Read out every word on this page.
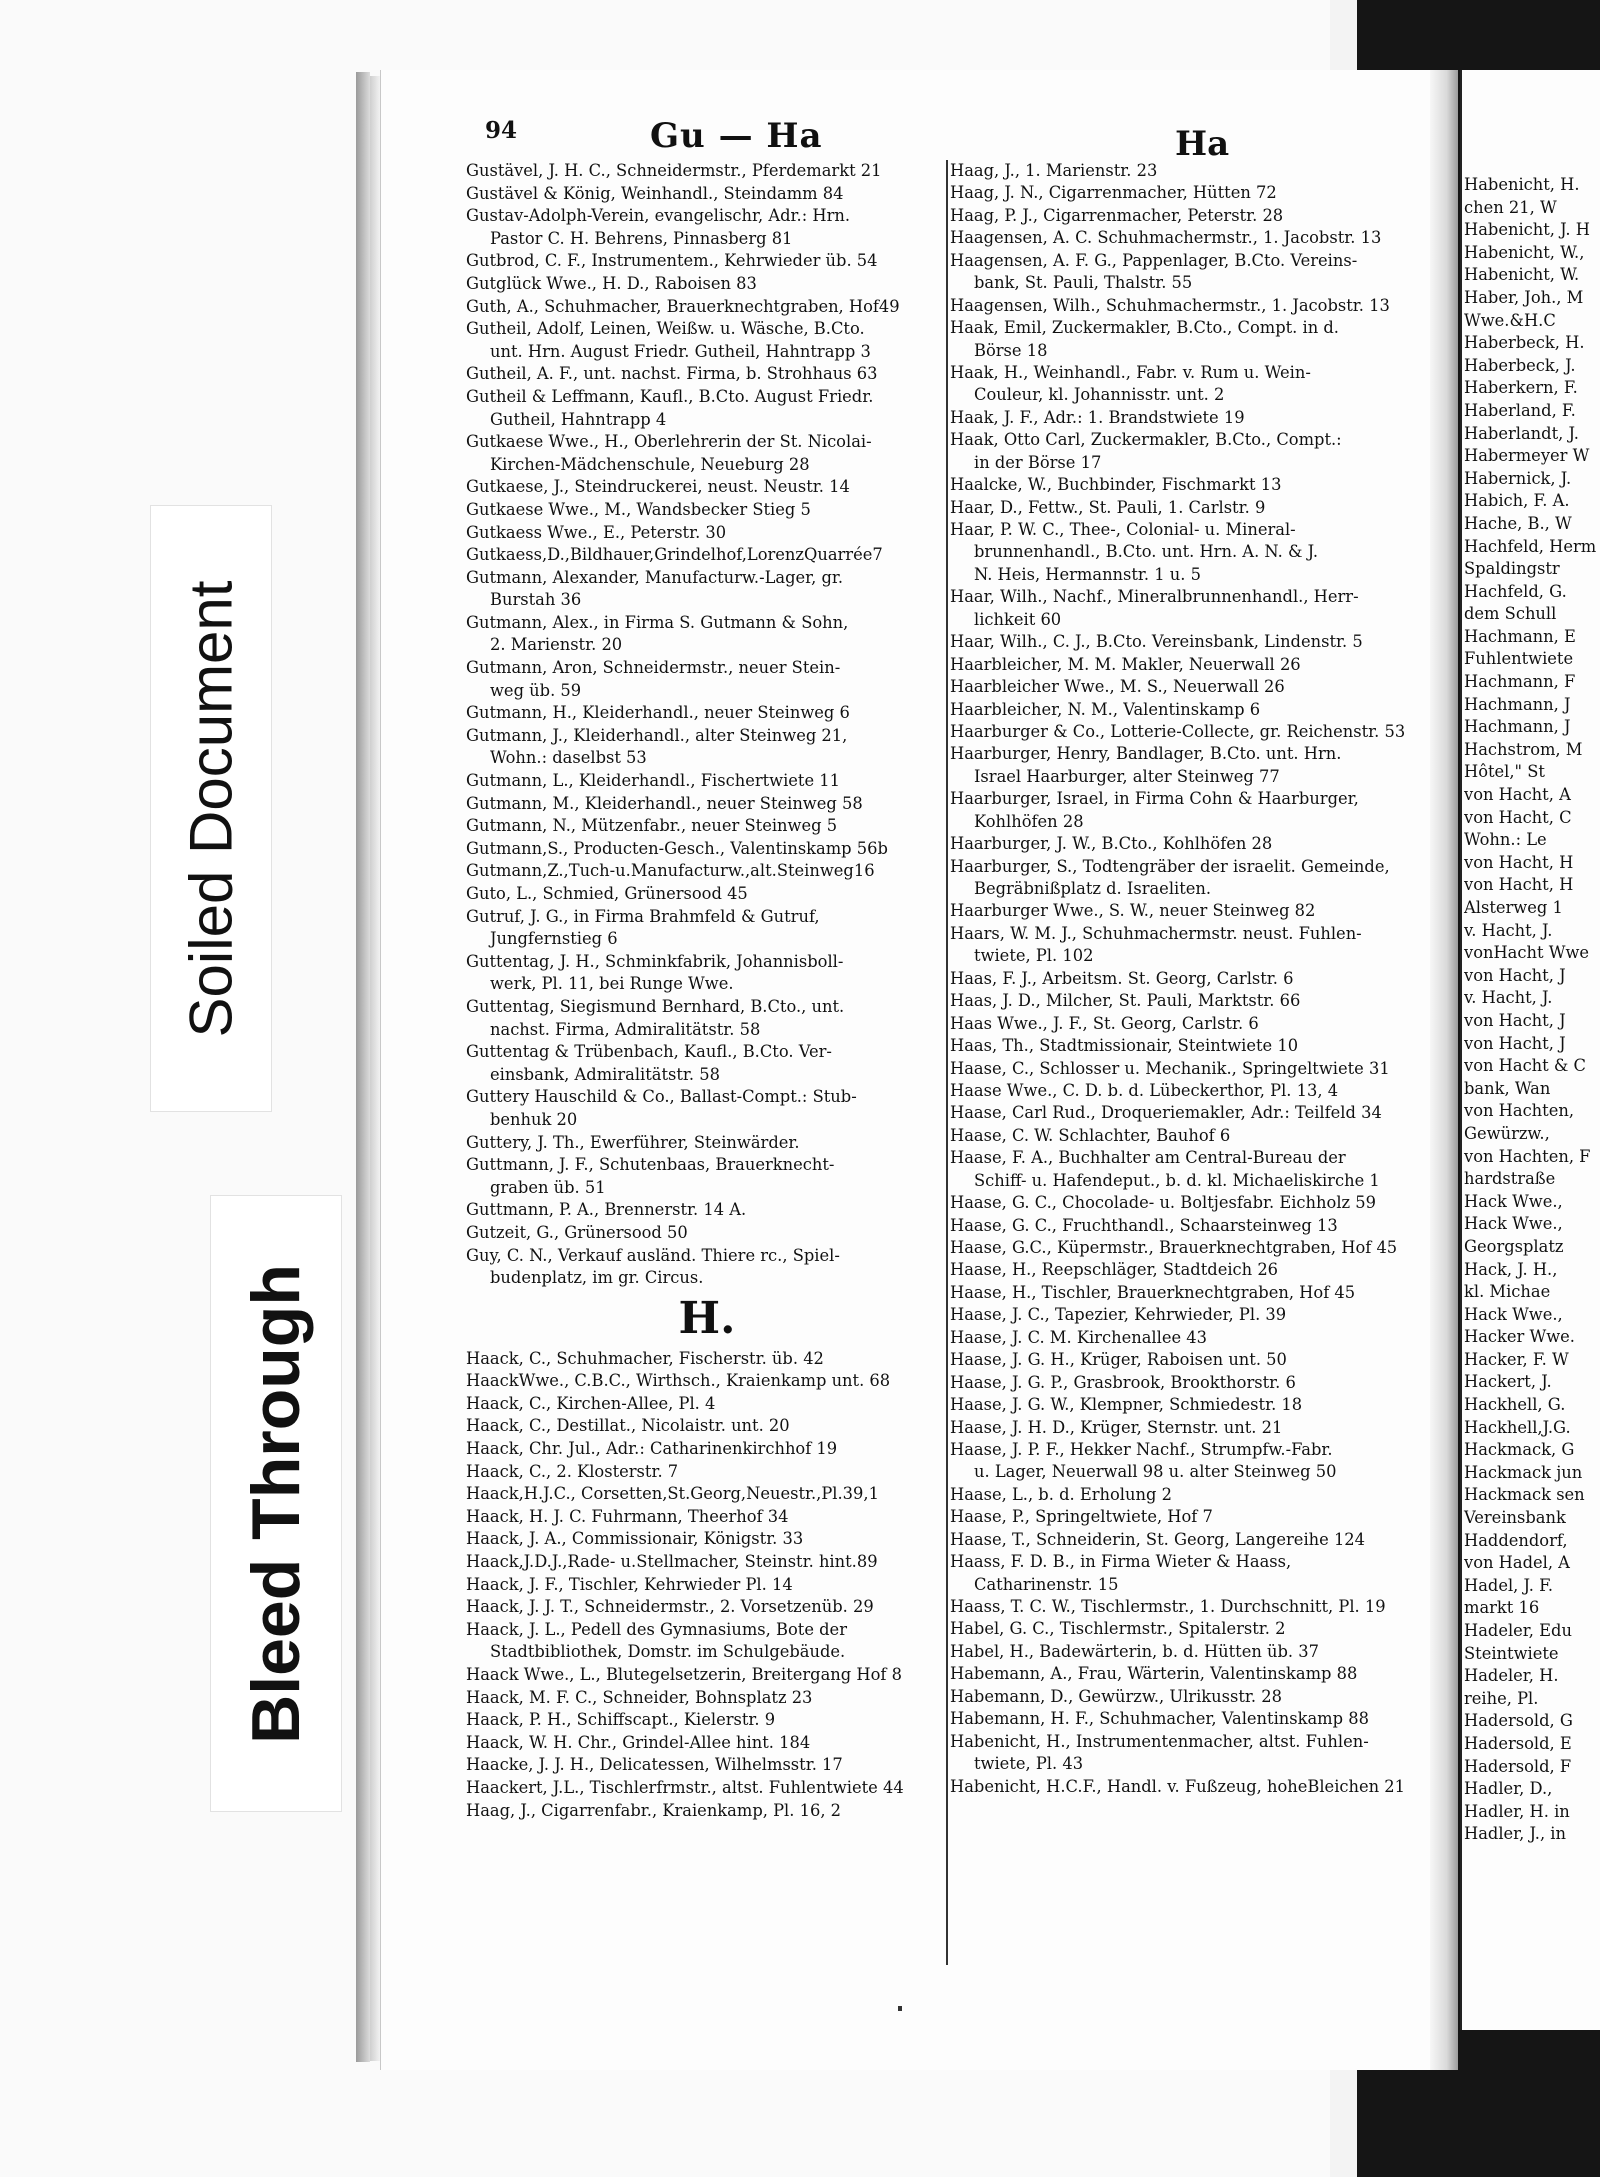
Soiled Document
Bleed Through
Habenicht, H.
chen 21, W
Habenicht, J. H
Habenicht, W.,
Habenicht, W.
Haber, Joh., M
Wwe.&H.C
Haberbeck, H.
Haberbeck, J.
Haberkern, F.
Haberland, F.
Haberlandt, J.
Habermeyer W
Habernick, J.
Habich, F. A.
Hache, B., W
Hachfeld, Herm
Spaldingstr
Hachfeld, G.
dem Schull
Hachmann, E
Fuhlentwiete
Hachmann, F
Hachmann, J
Hachmann, J
Hachstrom, M
Hôtel," St
von Hacht, A
von Hacht, C
Wohn.: Le
von Hacht, H
von Hacht, H
Alsterweg 1
v. Hacht, J.
vonHacht Wwe
von Hacht, J
v. Hacht, J.
von Hacht, J
von Hacht, J
von Hacht & C
bank, Wan
von Hachten,
Gewürzw.,
von Hachten, F
hardstraße
Hack Wwe.,
Hack Wwe.,
Georgsplatz
Hack, J. H.,
kl. Michae
Hack Wwe.,
Hacker Wwe.
Hacker, F. W
Hackert, J.
Hackhell, G.
Hackhell,J.G.
Hackmack, G
Hackmack jun
Hackmack sen
Vereinsbank
Haddendorf,
von Hadel, A
Hadel, J. F.
markt 16
Hadeler, Edu
Steintwiete
Hadeler, H.
reihe, Pl.
Hadersold, G
Hadersold, E
Hadersold, F
Hadler, D.,
Hadler, H. in
Hadler, J., in
94	Gu — Ha	Ha
Gustävel, J. H. C., Schneidermstr., Pferdemarkt 21
Gustävel & König, Weinhandl., Steindamm 84
Gustav-Adolph-Verein, evangelischr, Adr.: Hrn.
Pastor C. H. Behrens, Pinnasberg 81
Gutbrod, C. F., Instrumentem., Kehrwieder üb. 54
Gutglück Wwe., H. D., Raboisen 83
Guth, A., Schuhmacher, Brauerknechtgraben, Hof49
Gutheil, Adolf, Leinen, Weißw. u. Wäsche, B.Cto.
unt. Hrn. August Friedr. Gutheil, Hahntrapp 3
Gutheil, A. F., unt. nachst. Firma, b. Strohhaus 63
Gutheil & Leffmann, Kaufl., B.Cto. August Friedr.
Gutheil, Hahntrapp 4
Gutkaese Wwe., H., Oberlehrerin der St. Nicolai-
Kirchen-Mädchenschule, Neueburg 28
Gutkaese, J., Steindruckerei, neust. Neustr. 14
Gutkaese Wwe., M., Wandsbecker Stieg 5
Gutkaess Wwe., E., Peterstr. 30
Gutkaess,D.,Bildhauer,Grindelhof,LorenzQuarrée7
Gutmann, Alexander, Manufacturw.-Lager, gr.
Burstah 36
Gutmann, Alex., in Firma S. Gutmann & Sohn,
2. Marienstr. 20
Gutmann, Aron, Schneidermstr., neuer Stein-
weg üb. 59
Gutmann, H., Kleiderhandl., neuer Steinweg 6
Gutmann, J., Kleiderhandl., alter Steinweg 21,
Wohn.: daselbst 53
Gutmann, L., Kleiderhandl., Fischertwiete 11
Gutmann, M., Kleiderhandl., neuer Steinweg 58
Gutmann, N., Mützenfabr., neuer Steinweg 5
Gutmann,S., Producten-Gesch., Valentinskamp 56b
Gutmann,Z.,Tuch-u.Manufacturw.,alt.Steinweg16
Guto, L., Schmied, Grünersood 45
Gutruf, J. G., in Firma Brahmfeld & Gutruf,
Jungfernstieg 6
Guttentag, J. H., Schminkfabrik, Johannisboll-
werk, Pl. 11, bei Runge Wwe.
Guttentag, Siegismund Bernhard, B.Cto., unt.
nachst. Firma, Admiralitätstr. 58
Guttentag & Trübenbach, Kaufl., B.Cto. Ver-
einsbank, Admiralitätstr. 58
Guttery Hauschild & Co., Ballast-Compt.: Stub-
benhuk 20
Guttery, J. Th., Ewerführer, Steinwärder.
Guttmann, J. F., Schutenbaas, Brauerknecht-
graben üb. 51
Guttmann, P. A., Brennerstr. 14 A.
Gutzeit, G., Grünersood 50
Guy, C. N., Verkauf ausländ. Thiere rc., Spiel-
budenplatz, im gr. Circus.
H.
Haack, C., Schuhmacher, Fischerstr. üb. 42
HaackWwe., C.B.C., Wirthsch., Kraienkamp unt. 68
Haack, C., Kirchen-Allee, Pl. 4
Haack, C., Destillat., Nicolaistr. unt. 20
Haack, Chr. Jul., Adr.: Catharinenkirchhof 19
Haack, C., 2. Klosterstr. 7
Haack,H.J.C., Corsetten,St.Georg,Neuestr.,Pl.39,1
Haack, H. J. C. Fuhrmann, Theerhof 34
Haack, J. A., Commissionair, Königstr. 33
Haack,J.D.J.,Rade- u.Stellmacher, Steinstr. hint.89
Haack, J. F., Tischler, Kehrwieder Pl. 14
Haack, J. J. T., Schneidermstr., 2. Vorsetzenüb. 29
Haack, J. L., Pedell des Gymnasiums, Bote der
Stadtbibliothek, Domstr. im Schulgebäude.
Haack Wwe., L., Blutegelsetzerin, Breitergang Hof 8
Haack, M. F. C., Schneider, Bohnsplatz 23
Haack, P. H., Schiffscapt., Kielerstr. 9
Haack, W. H. Chr., Grindel-Allee hint. 184
Haacke, J. J. H., Delicatessen, Wilhelmsstr. 17
Haackert, J.L., Tischlerfrmstr., altst. Fuhlentwiete 44
Haag, J., Cigarrenfabr., Kraienkamp, Pl. 16, 2
Haag, J., 1. Marienstr. 23
Haag, J. N., Cigarrenmacher, Hütten 72
Haag, P. J., Cigarrenmacher, Peterstr. 28
Haagensen, A. C. Schuhmachermstr., 1. Jacobstr. 13
Haagensen, A. F. G., Pappenlager, B.Cto. Vereins-
bank, St. Pauli, Thalstr. 55
Haagensen, Wilh., Schuhmachermstr., 1. Jacobstr. 13
Haak, Emil, Zuckermakler, B.Cto., Compt. in d.
Börse 18
Haak, H., Weinhandl., Fabr. v. Rum u. Wein-
Couleur, kl. Johannisstr. unt. 2
Haak, J. F., Adr.: 1. Brandstwiete 19
Haak, Otto Carl, Zuckermakler, B.Cto., Compt.:
in der Börse 17
Haalcke, W., Buchbinder, Fischmarkt 13
Haar, D., Fettw., St. Pauli, 1. Carlstr. 9
Haar, P. W. C., Thee-, Colonial- u. Mineral-
brunnenhandl., B.Cto. unt. Hrn. A. N. & J.
N. Heis, Hermannstr. 1 u. 5
Haar, Wilh., Nachf., Mineralbrunnenhandl., Herr-
lichkeit 60
Haar, Wilh., C. J., B.Cto. Vereinsbank, Lindenstr. 5
Haarbleicher, M. M. Makler, Neuerwall 26
Haarbleicher Wwe., M. S., Neuerwall 26
Haarbleicher, N. M., Valentinskamp 6
Haarburger & Co., Lotterie-Collecte, gr. Reichenstr. 53
Haarburger, Henry, Bandlager, B.Cto. unt. Hrn.
Israel Haarburger, alter Steinweg 77
Haarburger, Israel, in Firma Cohn & Haarburger,
Kohlhöfen 28
Haarburger, J. W., B.Cto., Kohlhöfen 28
Haarburger, S., Todtengräber der israelit. Gemeinde,
Begräbnißplatz d. Israeliten.
Haarburger Wwe., S. W., neuer Steinweg 82
Haars, W. M. J., Schuhmachermstr. neust. Fuhlen-
twiete, Pl. 102
Haas, F. J., Arbeitsm. St. Georg, Carlstr. 6
Haas, J. D., Milcher, St. Pauli, Marktstr. 66
Haas Wwe., J. F., St. Georg, Carlstr. 6
Haas, Th., Stadtmissionair, Steintwiete 10
Haase, C., Schlosser u. Mechanik., Springeltwiete 31
Haase Wwe., C. D. b. d. Lübeckerthor, Pl. 13, 4
Haase, Carl Rud., Droqueriemakler, Adr.: Teilfeld 34
Haase, C. W. Schlachter, Bauhof 6
Haase, F. A., Buchhalter am Central-Bureau der
Schiff- u. Hafendeput., b. d. kl. Michaeliskirche 1
Haase, G. C., Chocolade- u. Boltjesfabr. Eichholz 59
Haase, G. C., Fruchthandl., Schaarsteinweg 13
Haase, G.C., Küpermstr., Brauerknechtgraben, Hof 45
Haase, H., Reepschläger, Stadtdeich 26
Haase, H., Tischler, Brauerknechtgraben, Hof 45
Haase, J. C., Tapezier, Kehrwieder, Pl. 39
Haase, J. C. M. Kirchenallee 43
Haase, J. G. H., Krüger, Raboisen unt. 50
Haase, J. G. P., Grasbrook, Brookthorstr. 6
Haase, J. G. W., Klempner, Schmiedestr. 18
Haase, J. H. D., Krüger, Sternstr. unt. 21
Haase, J. P. F., Hekker Nachf., Strumpfw.-Fabr.
u. Lager, Neuerwall 98 u. alter Steinweg 50
Haase, L., b. d. Erholung 2
Haase, P., Springeltwiete, Hof 7
Haase, T., Schneiderin, St. Georg, Langereihe 124
Haass, F. D. B., in Firma Wieter & Haass,
Catharinenstr. 15
Haass, T. C. W., Tischlermstr., 1. Durchschnitt, Pl. 19
Habel, G. C., Tischlermstr., Spitalerstr. 2
Habel, H., Badewärterin, b. d. Hütten üb. 37
Habemann, A., Frau, Wärterin, Valentinskamp 88
Habemann, D., Gewürzw., Ulrikusstr. 28
Habemann, H. F., Schuhmacher, Valentinskamp 88
Habenicht, H., Instrumentenmacher, altst. Fuhlen-
twiete, Pl. 43
Habenicht, H.C.F., Handl. v. Fußzeug, hoheBleichen 21
